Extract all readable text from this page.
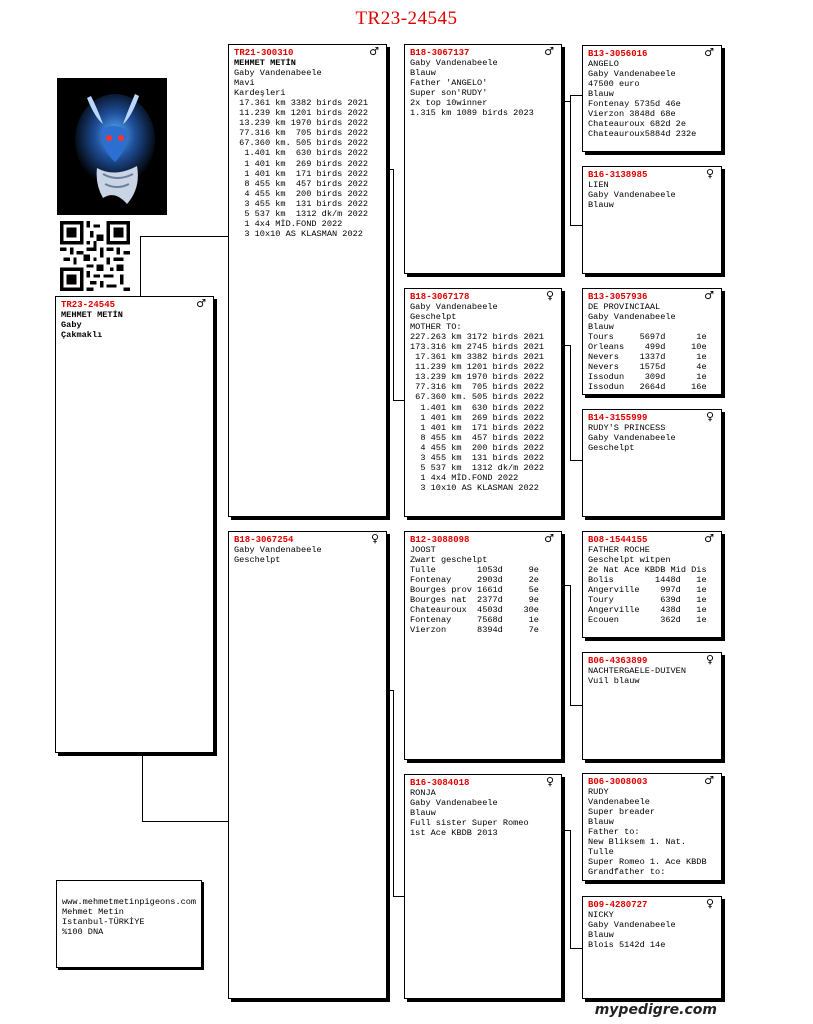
TR23-24545
TR23-24545	♂
MEHMET METİN
Gaby
Çakmaklı
TR21-300310	♂
MEHMET METİN
Gaby Vandenabeele
Mavi
Kardeşleri
17.361 km 3382 birds 2021
11.239 km 1201 birds 2022
13.239 km 1970 birds 2022
77.316 km  705 birds 2022
67.360 km. 505 birds 2022
1.401 km  630 birds 2022
1 401 km  269 birds 2022
1 401 km  171 birds 2022
8 455 km  457 birds 2022
4 455 km  200 birds 2022
3 455 km  131 birds 2022
5 537 km  1312 dk/m 2022
1 4x4 MİD.FOND 2022
3 10x10 AS KLASMAN 2022
B18-3067254	♀
Gaby Vandenabeele
Geschelpt
B18-3067137	♂
Gaby Vandenabeele
Blauw
Father 'ANGELO'
Super son'RUDY'
2x top 10winner
1.315 km 1089 birds 2023
B18-3067178	♀
Gaby Vandenabeele
Geschelpt
MOTHER TO:
227.263 km 3172 birds 2021
173.316 km 2745 birds 2021
17.361 km 3382 birds 2021
11.239 km 1201 birds 2022
13.239 km 1970 birds 2022
77.316 km  705 birds 2022
67.360 km. 505 birds 2022
1.401 km  630 birds 2022
1 401 km  269 birds 2022
1 401 km  171 birds 2022
8 455 km  457 birds 2022
4 455 km  200 birds 2022
3 455 km  131 birds 2022
5 537 km  1312 dk/m 2022
1 4x4 MİD.FOND 2022
3 10x10 AS KLASMAN 2022
B12-3088098	♂
JOOST
Zwart geschelpt
Tulle        1053d     9e
Fontenay     2903d     2e
Bourges prov 1661d     5e
Bourges nat  2377d     9e
Chateauroux  4503d    30e
Fontenay     7568d     1e
Vierzon      8394d     7e
B16-3084018	♀
RONJA
Gaby Vandenabeele
Blauw
Full sister Super Romeo
1st Ace KBDB 2013
B13-3056016	♂
ANGELO
Gaby Vandenabeele
47500 euro
Blauw
Fontenay 5735d 46e
Vierzon 3848d 68e
Chateauroux 682d 2e
Chateauroux5884d 232e
B16-3138985	♀
LIEN
Gaby Vandenabeele
Blauw
B13-3057936	♂
DE PROVINCIAAL
Gaby Vandenabeele
Blauw
Tours     5697d      1e
Orleans    499d     10e
Nevers    1337d      1e
Nevers    1575d      4e
Issodun    309d      1e
Issodun   2664d     16e
B14-3155999	♀
RUDY'S PRINCESS
Gaby Vandenabeele
Geschelpt
B08-1544155	♂
FATHER ROCHE
Geschelpt witpen
2e Nat Ace KBDB Mid Dis
Bolis        1448d   1e
Angerville    997d   1e
Toury         639d   1e
Angerville    438d   1e
Ecouen        362d   1e
B06-4363899	♀
NACHTERGAELE-DUIVEN
Vuil blauw
B06-3008003	♂
RUDY
Vandenabeele
Super breader
Blauw
Father to:
New Bliksem 1. Nat.
Tulle
Super Romeo 1. Ace KBDB
Grandfather to:
B09-4280727	♀
NICKY
Gaby Vandenabeele
Blauw
Blois 5142d 14e
www.mehmetmetinpigeons.com
Mehmet Metin
Istanbul-TÜRKİYE
%100 DNA
mypedigre.com
